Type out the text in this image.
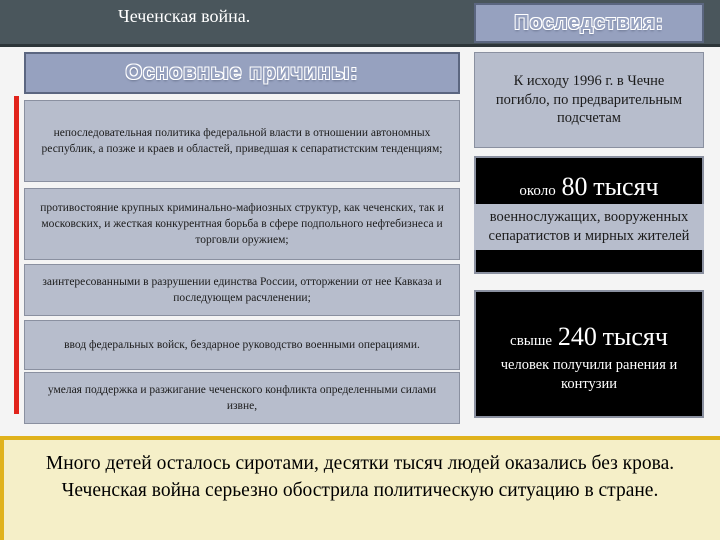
Чеченская война.
Основные причины:
непоследовательная политика федеральной власти в отношении автономных республик, а позже и краев и областей, приведшая к сепаратистским тенденциям;
противостояние крупных криминально-мафиозных структур, как чеченских, так и московских, и жесткая конкурентная борьба в сфере подпольного нефтебизнеса и торговли оружием;
заинтересованными в разрушении единства России, отторжении от нее Кавказа и последующем расчленении;
ввод федеральных войск, бездарное руководство военными операциями.
умелая поддержка и разжигание чеченского конфликта определенными силами извне,
Последствия:
К исходу 1996 г. в Чечне погибло, по предварительным подсчетам
около 80 тысяч
военнослужащих, вооруженных сепаратистов и мирных жителей
свыше 240 тысяч
человек получили ранения и контузии
Много детей осталось сиротами, десятки тысяч людей оказались без крова. Чеченская война серьезно обострила политическую ситуацию в стране.
